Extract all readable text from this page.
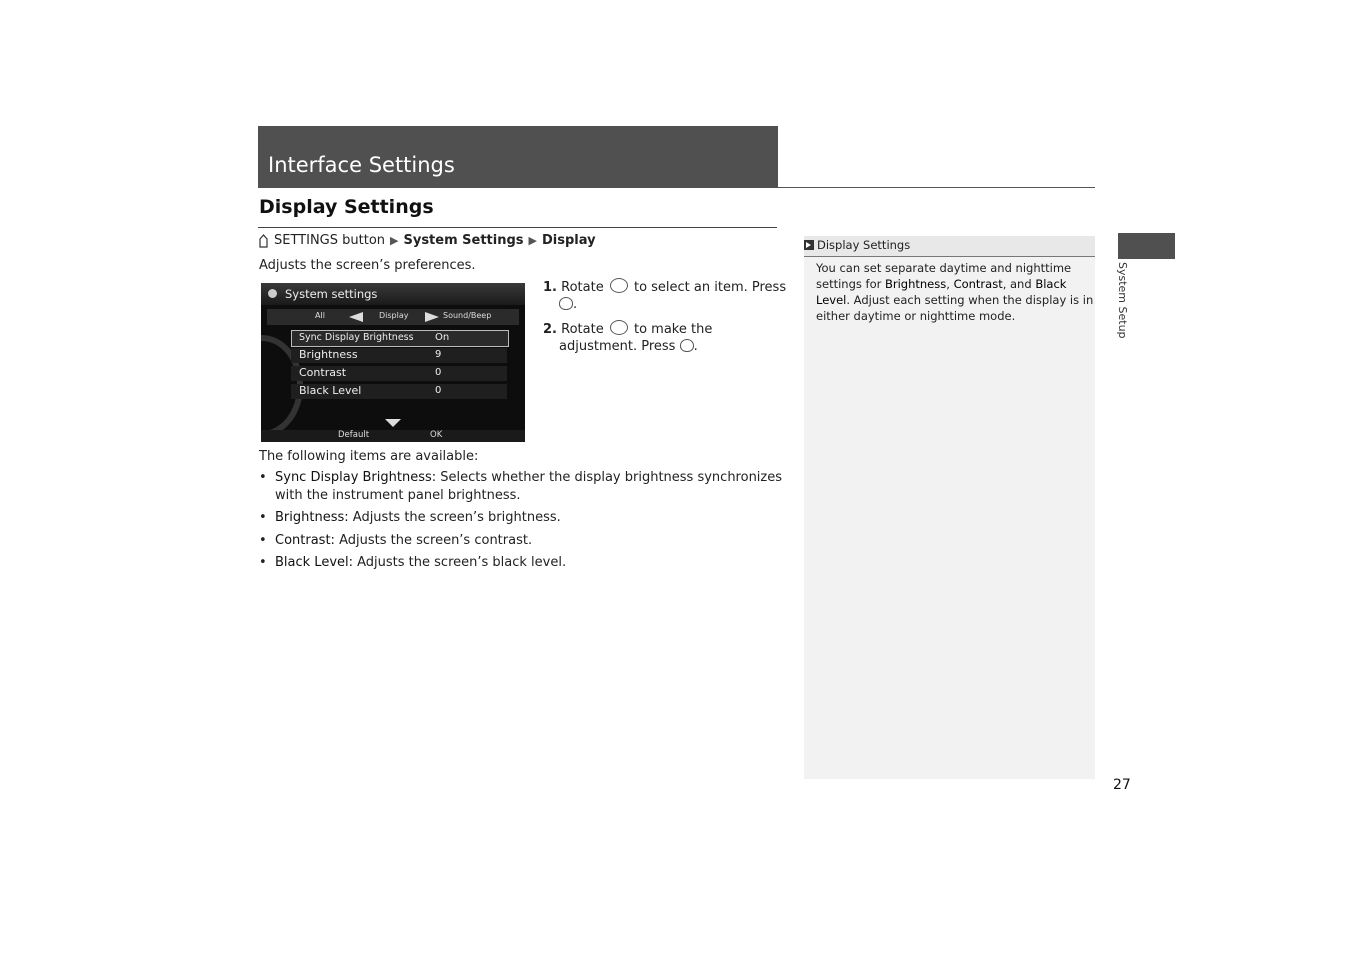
Interface Settings
Display Settings
SETTINGS button ▶ System Settings ▶ Display
Adjusts the screen’s preferences.
System settings
All	Display	Sound/Beep
Sync Display Brightness On
Brightness	9
Contrast	0
Black Level	0
Default	OK
1. Rotate to select an item. Press
.
2. Rotate to make the
adjustment. Press .
The following items are available:
• Sync Display Brightness: Selects whether the display brightness synchronizes
with the instrument panel brightness.
• Brightness: Adjusts the screen’s brightness.
• Contrast: Adjusts the screen’s contrast.
• Black Level: Adjusts the screen’s black level.
Display Settings
You can set separate daytime and nighttime
settings for Brightness, Contrast, and Black
Level. Adjust each setting when the display is in
either daytime or nighttime mode.	System Setup
27
